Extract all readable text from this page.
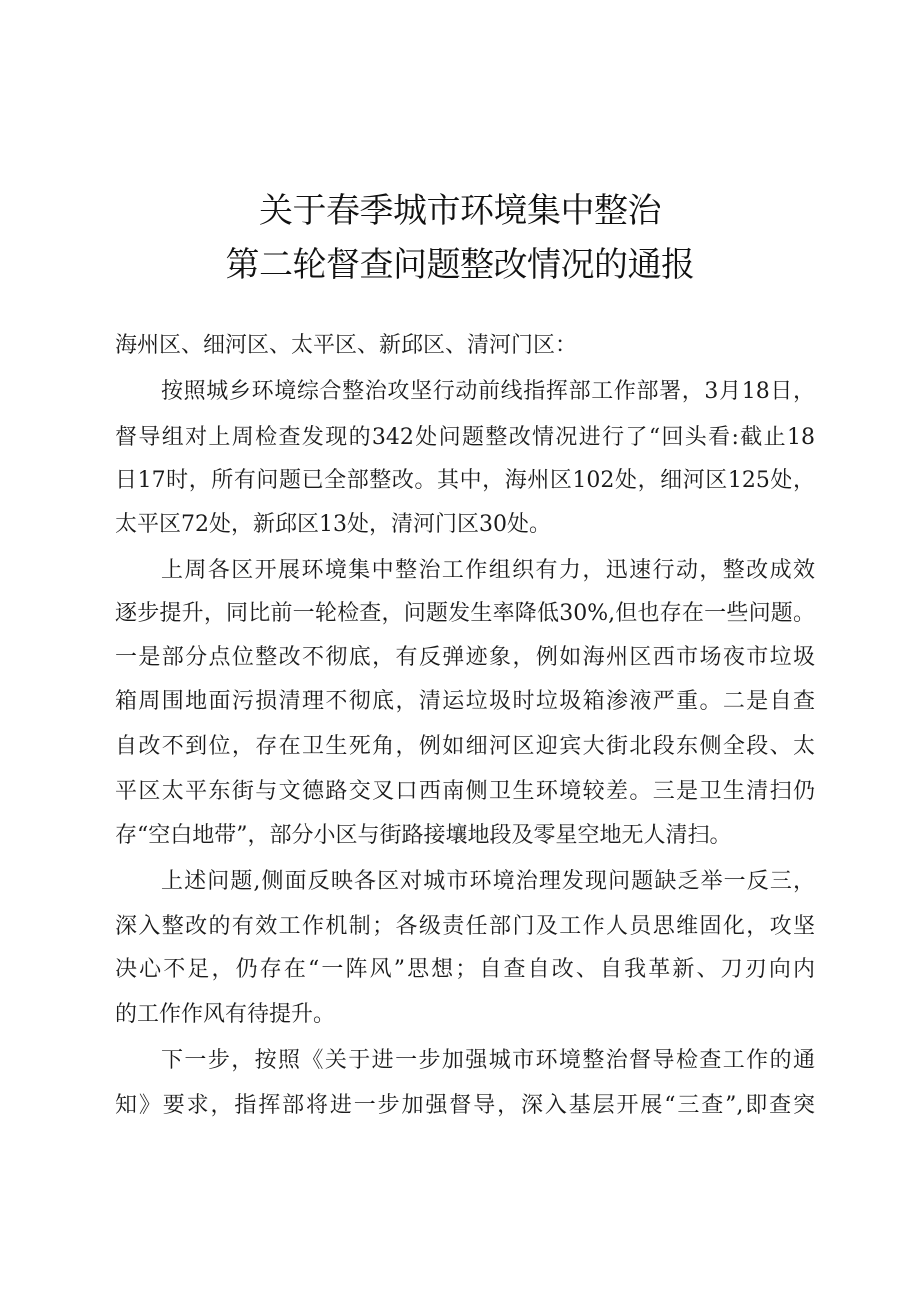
关于春季城市环境集中整治
第二轮督查问题整改情况的通报

海州区、细河区、太平区、新邱区、清河门区：

按照城乡环境综合整治攻坚行动前线指挥部工作部署，3月18日，

督导组对上周检查发现的342处问题整改情况进行了“回头看:截止18

日17时，所有问题已全部整改。其中，海州区102处，细河区125处，

太平区72处，新邱区13处，清河门区30处。

上周各区开展环境集中整治工作组织有力，迅速行动，整改成效

逐步提升，同比前一轮检查，问题发生率降低30%,但也存在一些问题。

一是部分点位整改不彻底，有反弹迹象，例如海州区西市场夜市垃圾

箱周围地面污损清理不彻底，清运垃圾时垃圾箱渗液严重。二是自查

自改不到位，存在卫生死角，例如细河区迎宾大街北段东侧全段、太

平区太平东街与文德路交叉口西南侧卫生环境较差。三是卫生清扫仍

存“空白地带”，部分小区与街路接壤地段及零星空地无人清扫。

上述问题,侧面反映各区对城市环境治理发现问题缺乏举一反三，

深入整改的有效工作机制；各级责任部门及工作人员思维固化，攻坚

决心不足，仍存在“一阵风”思想；自查自改、自我革新、刀刃向内

的工作作风有待提升。

下一步，按照《关于进一步加强城市环境整治督导检查工作的通

知》要求，指挥部将进一步加强督导，深入基层开展“三查”,即查突
